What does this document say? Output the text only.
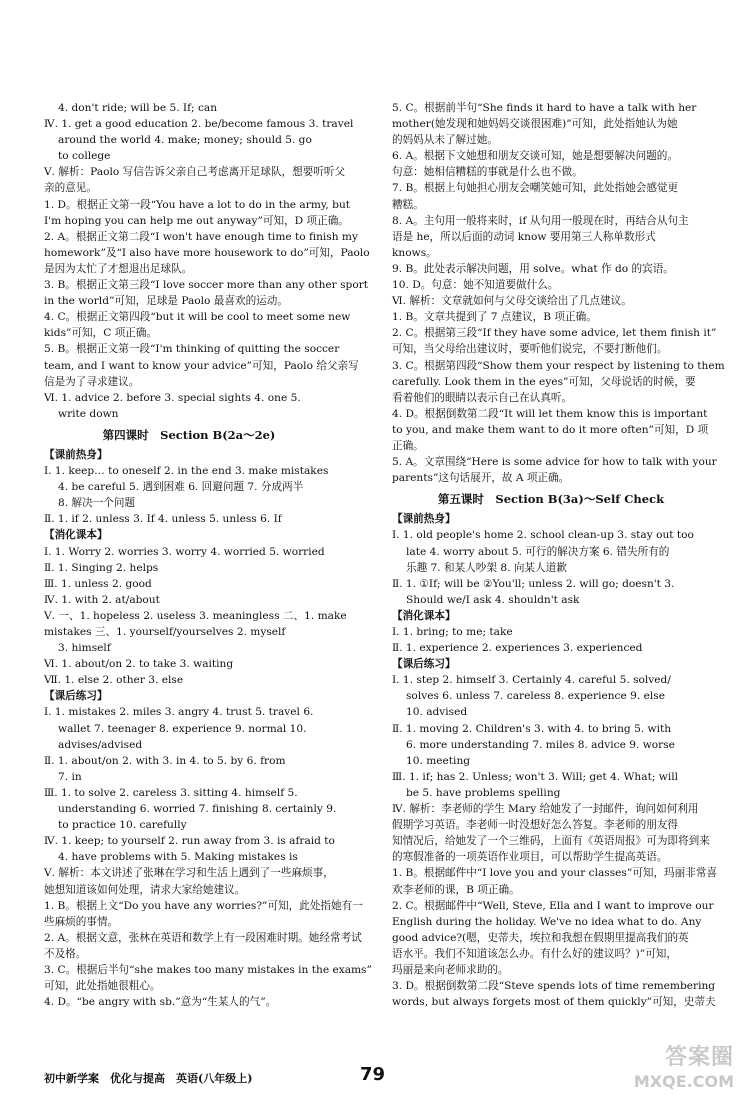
4. don't ride; will be 5. If; can
Ⅳ. 1. get a good education 2. be/become famous 3. travel
around the world 4. make; money; should 5. go
to college
Ⅴ. 解析：Paolo 写信告诉父亲自己考虑离开足球队，想要听听父
亲的意见。
1. D。根据正文第一段“You have a lot to do in the army, but
I'm hoping you can help me out anyway”可知，D 项正确。
2. A。根据正文第二段“I won't have enough time to finish my
homework”及“I also have more housework to do”可知，Paolo
是因为太忙了才想退出足球队。
3. B。根据正文第三段“I love soccer more than any other sport
in the world”可知，足球是 Paolo 最喜欢的运动。
4. C。根据正文第四段“but it will be cool to meet some new
kids”可知，C 项正确。
5. B。根据正文第一段“I'm thinking of quitting the soccer
team, and I want to know your advice”可知，Paolo 给父亲写
信是为了寻求建议。
Ⅵ. 1. advice 2. before 3. special sights 4. one 5.
write down
第四课时　Section B(2a～2e)
【课前热身】
Ⅰ. 1. keep… to oneself 2. in the end 3. make mistakes
4. be careful 5. 遇到困难 6. 回避问题 7. 分成两半
8. 解决一个问题
Ⅱ. 1. if 2. unless 3. If 4. unless 5. unless 6. If
【消化课本】
Ⅰ. 1. Worry 2. worries 3. worry 4. worried 5. worried
Ⅱ. 1. Singing 2. helps
Ⅲ. 1. unless 2. good
Ⅳ. 1. with 2. at/about
Ⅴ. 一、1. hopeless 2. useless 3. meaningless 二、1. make
mistakes 三、1. yourself/yourselves 2. myself
3. himself
Ⅵ. 1. about/on 2. to take 3. waiting
Ⅶ. 1. else 2. other 3. else
【课后练习】
Ⅰ. 1. mistakes 2. miles 3. angry 4. trust 5. travel 6.
wallet 7. teenager 8. experience 9. normal 10.
advises/advised
Ⅱ. 1. about/on 2. with 3. in 4. to 5. by 6. from
7. in
Ⅲ. 1. to solve 2. careless 3. sitting 4. himself 5.
understanding 6. worried 7. finishing 8. certainly 9.
to practice 10. carefully
Ⅳ. 1. keep; to yourself 2. run away from 3. is afraid to
4. have problems with 5. Making mistakes is
Ⅴ. 解析：本文讲述了张琳在学习和生活上遇到了一些麻烦事，
她想知道该如何处理，请求大家给她建议。
1. B。根据上文“Do you have any worries?”可知，此处指她有一
些麻烦的事情。
2. A。根据文意，张林在英语和数学上有一段困难时期。她经常考试
不及格。
3. C。根据后半句“she makes too many mistakes in the exams”
可知，此处指她很粗心。
4. D。“be angry with sb.”意为“生某人的气”。
5. C。根据前半句“She finds it hard to have a talk with her
mother(她发现和她妈妈交谈很困难)”可知，此处指她认为她
的妈妈从未了解过她。
6. A。根据下文她想和朋友交谈可知，她是想要解决问题的。
句意：她相信糟糕的事就是什么也不做。
7. B。根据上句她担心朋友会嘲笑她可知，此处指她会感觉更
糟糕。
8. A。主句用一般将来时，if 从句用一般现在时，再结合从句主
语是 he，所以后面的动词 know 要用第三人称单数形式
knows。
9. B。此处表示解决问题，用 solve。what 作 do 的宾语。
10. D。句意：她不知道要做什么。
Ⅵ. 解析：文章就如何与父母交谈给出了几点建议。
1. B。文章共提到了 7 点建议，B 项正确。
2. C。根据第三段“If they have some advice, let them finish it”
可知，当父母给出建议时，要听他们说完，不要打断他们。
3. C。根据第四段“Show them your respect by listening to them
carefully. Look them in the eyes”可知，父母说话的时候，要
看着他们的眼睛以表示自己在认真听。
4. D。根据倒数第二段“It will let them know this is important
to you, and make them want to do it more often”可知，D 项
正确。
5. A。文章围绕“Here is some advice for how to talk with your
parents”这句话展开，故 A 项正确。
第五课时　Section B(3a)～Self Check
【课前热身】
Ⅰ. 1. old people's home 2. school clean-up 3. stay out too
late 4. worry about 5. 可行的解决方案 6. 错失所有的
乐趣 7. 和某人吵架 8. 向某人道歉
Ⅱ. 1. ①If; will be ②You'll; unless 2. will go; doesn't 3.
Should we/I ask 4. shouldn't ask
【消化课本】
Ⅰ. 1. bring; to me; take
Ⅱ. 1. experience 2. experiences 3. experienced
【课后练习】
Ⅰ. 1. step 2. himself 3. Certainly 4. careful 5. solved/
solves 6. unless 7. careless 8. experience 9. else
10. advised
Ⅱ. 1. moving 2. Children's 3. with 4. to bring 5. with
6. more understanding 7. miles 8. advice 9. worse
10. meeting
Ⅲ. 1. if; has 2. Unless; won't 3. Will; get 4. What; will
be 5. have problems spelling
Ⅳ. 解析：李老师的学生 Mary 给她发了一封邮件，询问如何利用
假期学习英语。李老师一时没想好怎么答复。李老师的朋友得
知情况后，给她发了一个三维码，上面有《英语周报》可为即将到来
的寒假准备的一项英语作业项目，可以帮助学生提高英语。
1. B。根据邮件中“I love you and your classes”可知，玛丽非常喜
欢李老师的课，B 项正确。
2. C。根据邮件中“Well, Steve, Ella and I want to improve our
English during the holiday. We've no idea what to do. Any
good advice?(嗯，史蒂夫，埃拉和我想在假期里提高我们的英
语水平。我们不知道该怎么办。有什么好的建议吗？)”可知，
玛丽是来向老师求助的。
3. D。根据倒数第二段“Steve spends lots of time remembering
words, but always forgets most of them quickly”可知，史蒂夫
初中新学案　优化与提高　英语(八年级上)	79
答案圈
MXQE.COM
